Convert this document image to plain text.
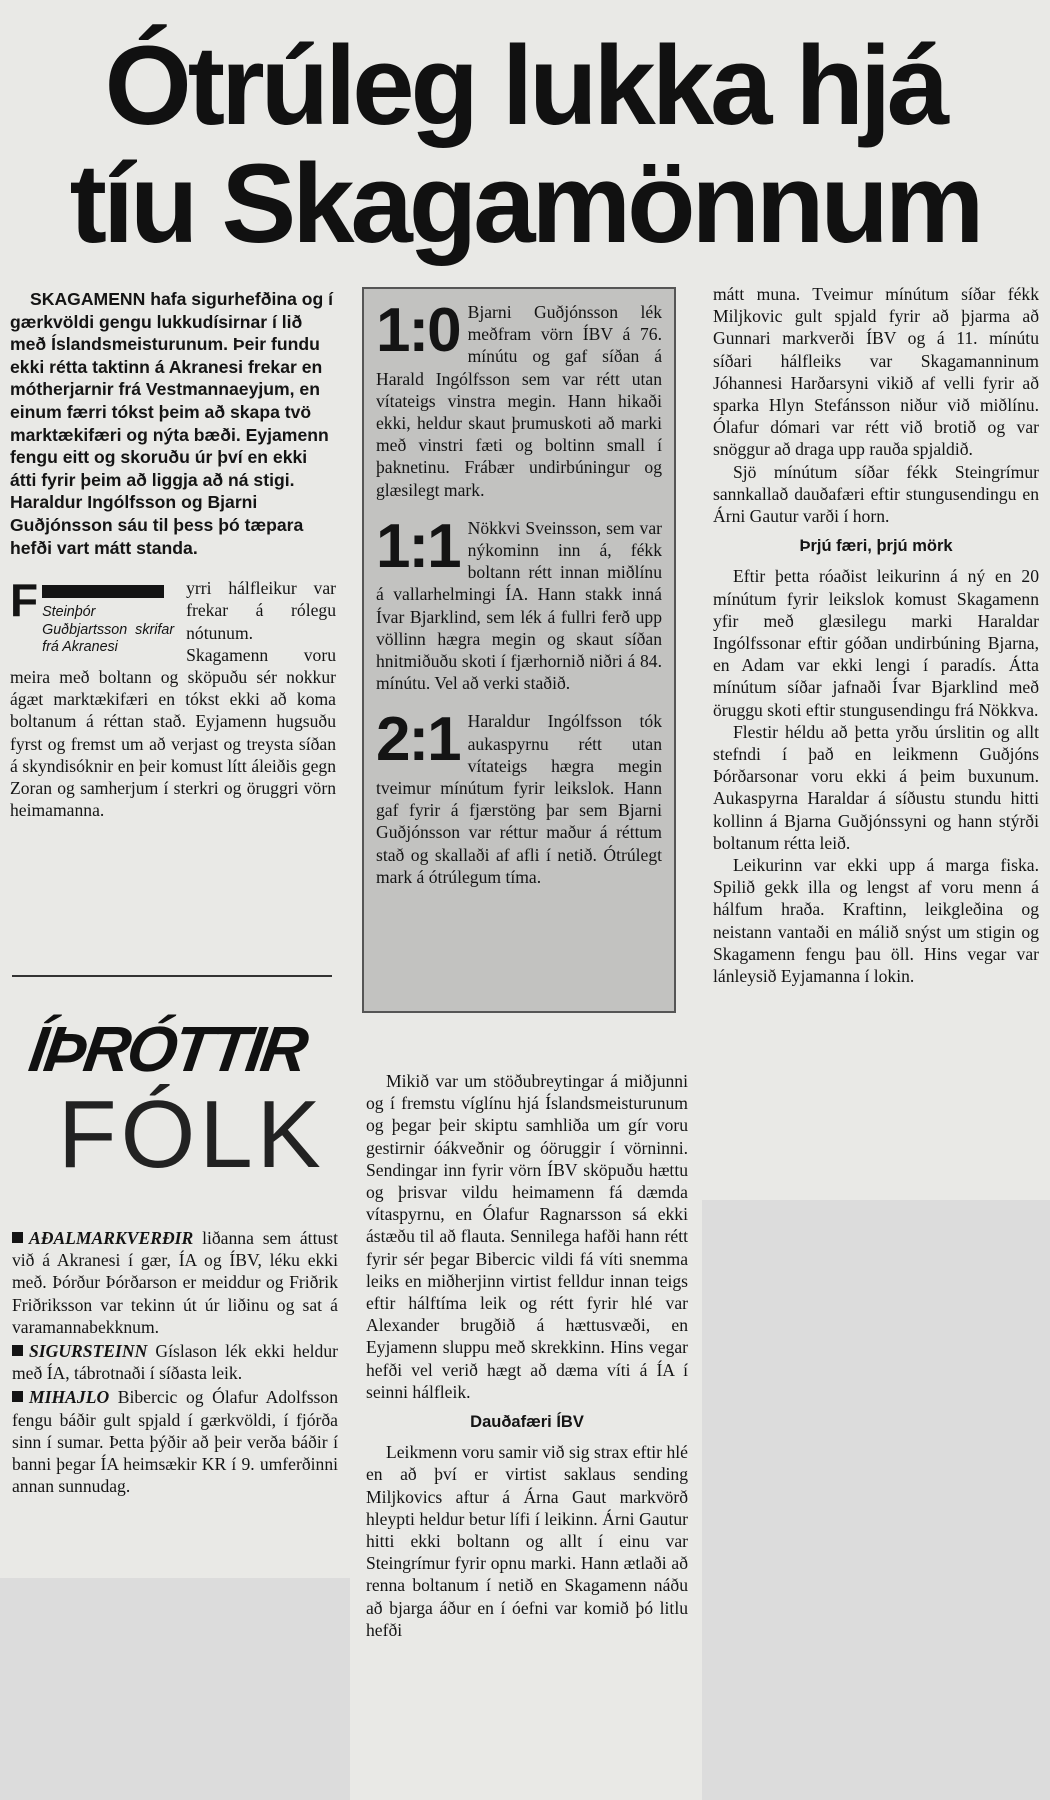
Ótrúleg lukka hjá
tíu Skagamönnum

SKAGAMENN hafa sigurhefðina og í gærkvöldi gengu lukkudísirnar í lið með Íslandsmeisturunum. Þeir fundu ekki rétta taktinn á Akranesi frekar en mótherjarnir frá Vestmannaeyjum, en einum færri tókst þeim að skapa tvö marktækifæri og nýta bæði. Eyjamenn fengu eitt og skoruðu úr því en ekki átti fyrir þeim að liggja að ná stigi. Haraldur Ingólfsson og Bjarni Guðjónsson sáu til þess þó tæpara hefði vart mátt standa.

F Steinþór Guðbjartsson skrifar frá Akranesi
yrri hálfleikur var frekar á rólegu nótunum. Skagamenn voru meira með boltann og sköpuðu sér nokkur ágæt marktækifæri en tókst ekki að koma boltanum á réttan stað. Eyjamenn hugsuðu fyrst og fremst um að verjast og treysta síðan á skyndisóknir en þeir komust lítt áleiðis gegn Zoran og samherjum í sterkri og öruggri vörn heimamanna.

1:0 Bjarni Guðjónsson lék meðfram vörn ÍBV á 76. mínútu og gaf síðan á Harald Ingólfsson sem var rétt utan vítateigs vinstra megin. Hann hikaði ekki, heldur skaut þrumuskoti að marki með vinstri fæti og boltinn small í þaknetinu. Frábær undirbúningur og glæsilegt mark.

1:1 Nökkvi Sveinsson, sem var nýkominn inn á, fékk boltann rétt innan miðlínu á vallarhelmingi ÍA. Hann stakk inná Ívar Bjarklind, sem lék á fullri ferð upp völlinn hægra megin og skaut síðan hnitmiðuðu skoti í fjærhornið niðri á 84. mínútu. Vel að verki staðið.

2:1 Haraldur Ingólfsson tók aukaspyrnu rétt utan vítateigs hægra megin tveimur mínútum fyrir leikslok. Hann gaf fyrir á fjærstöng þar sem Bjarni Guðjónsson var réttur maður á réttum stað og skallaði af afli í netið. Ótrúlegt mark á ótrúlegum tíma.

ÍÞRÓTTIR
FÓLK

AÐALMARKVERÐIR liðanna sem áttust við á Akranesi í gær, ÍA og ÍBV, léku ekki með. Þórður Þórðarson er meiddur og Friðrik Friðriksson var tekinn út úr liðinu og sat á varamannabekknum.

SIGURSTEINN Gíslason lék ekki heldur með ÍA, tábrotnaði í síðasta leik.

MIHAJLO Bibercic og Ólafur Adolfsson fengu báðir gult spjald í gærkvöldi, í fjórða sinn í sumar. Þetta þýðir að þeir verða báðir í banni þegar ÍA heimsækir KR í 9. umferðinni annan sunnudag.

Mikið var um stöðubreytingar á miðjunni og í fremstu víglínu hjá Íslandsmeisturunum og þegar þeir skiptu samhliða um gír voru gestirnir óákveðnir og óöruggir í vörninni. Sendingar inn fyrir vörn ÍBV sköpuðu hættu og þrisvar vildu heimamenn fá dæmda vítaspyrnu, en Ólafur Ragnarsson sá ekki ástæðu til að flauta. Sennilega hafði hann rétt fyrir sér þegar Bibercic vildi fá víti snemma leiks en miðherjinn virtist felldur innan teigs eftir hálftíma leik og rétt fyrir hlé var Alexander brugðið á hættusvæði, en Eyjamenn sluppu með skrekkinn. Hins vegar hefði vel verið hægt að dæma víti á ÍA í seinni hálfleik.

Dauðafæri ÍBV

Leikmenn voru samir við sig strax eftir hlé en að því er virtist saklaus sending Miljkovics aftur á Árna Gaut markvörð hleypti heldur betur lífi í leikinn. Árni Gautur hitti ekki boltann og allt í einu var Steingrímur fyrir opnu marki. Hann ætlaði að renna boltanum í netið en Skagamenn náðu að bjarga áður en í óefni var komið þó litlu hefði

mátt muna. Tveimur mínútum síðar fékk Miljkovic gult spjald fyrir að þjarma að Gunnari markverði ÍBV og á 11. mínútu síðari hálfleiks var Skagamanninum Jóhannesi Harðarsyni vikið af velli fyrir að sparka Hlyn Stefánsson niður við miðlínu. Ólafur dómari var rétt við brotið og var snöggur að draga upp rauða spjaldið.

Sjö mínútum síðar fékk Steingrímur sannkallað dauðafæri eftir stungusendingu en Árni Gautur varði í horn.

Þrjú færi, þrjú mörk

Eftir þetta róaðist leikurinn á ný en 20 mínútum fyrir leikslok komust Skagamenn yfir með glæsilegu marki Haraldar Ingólfssonar eftir góðan undirbúning Bjarna, en Adam var ekki lengi í paradís. Átta mínútum síðar jafnaði Ívar Bjarklind með öruggu skoti eftir stungusendingu frá Nökkva.

Flestir héldu að þetta yrðu úrslitin og allt stefndi í það en leikmenn Guðjóns Þórðarsonar voru ekki á þeim buxunum. Aukaspyrna Haraldar á síðustu stundu hitti kollinn á Bjarna Guðjónssyni og hann stýrði boltanum rétta leið.

Leikurinn var ekki upp á marga fiska. Spilið gekk illa og lengst af voru menn á hálfum hraða. Kraftinn, leikgleðina og neistann vantaði en málið snýst um stigin og Skagamenn fengu þau öll. Hins vegar var lánleysið Eyjamanna í lokin.
